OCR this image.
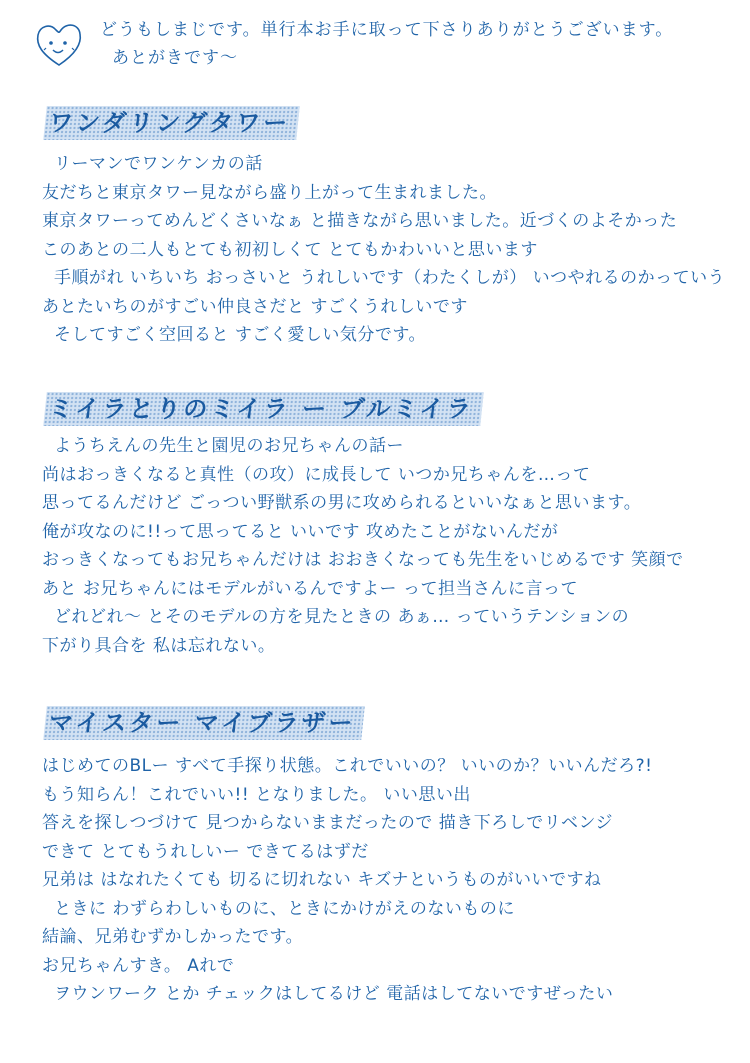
どうもしまじです。単行本お手に取って下さりありがとうございます。
あとがきです〜
ワンダリングタワー
リーマンでワンケンカの話
友だちと東京タワー見ながら盛り上がって生まれました。
東京タワーってめんどくさいなぁ と描きながら思いました。近づくのよそかった
このあとの二人もとても初初しくて とてもかわいいと思います
手順がれ いちいち おっさいと うれしいです（わたくしが） いつやれるのかっていう
あとたいちのがすごい仲良さだと すごくうれしいです
そしてすごく空回ると すごく愛しい気分です。
ミイラとりのミイラ ー ブルミイラ
ようちえんの先生と園児のお兄ちゃんの話ー
尚はおっきくなると真性（の攻）に成長して いつか兄ちゃんを…って
思ってるんだけど ごっつい野獣系の男に攻められるといいなぁと思います。
俺が攻なのに!!って思ってると いいです 攻めたことがないんだが
おっきくなってもお兄ちゃんだけは おおきくなっても先生をいじめるです 笑顔で
あと お兄ちゃんにはモデルがいるんですよー って担当さんに言って
どれどれ〜 とそのモデルの方を見たときの あぁ… っていうテンションの
下がり具合を 私は忘れない。
マイスター マイブラザー
はじめてのBLー すべて手探り状態。これでいいの？ いいのか？いいんだろ?!
もう知らん！これでいい!! となりました。 いい思い出
答えを探しつづけて 見つからないままだったので 描き下ろしでリベンジ
できて とてもうれしいー できてるはずだ
兄弟は はなれたくても 切るに切れない キズナというものがいいですね
ときに わずらわしいものに、ときにかけがえのないものに
結論、兄弟むずかしかったです。
お兄ちゃんすき。 Aれで
ヲウンワーク とか チェックはしてるけど 電話はしてないですぜったい
